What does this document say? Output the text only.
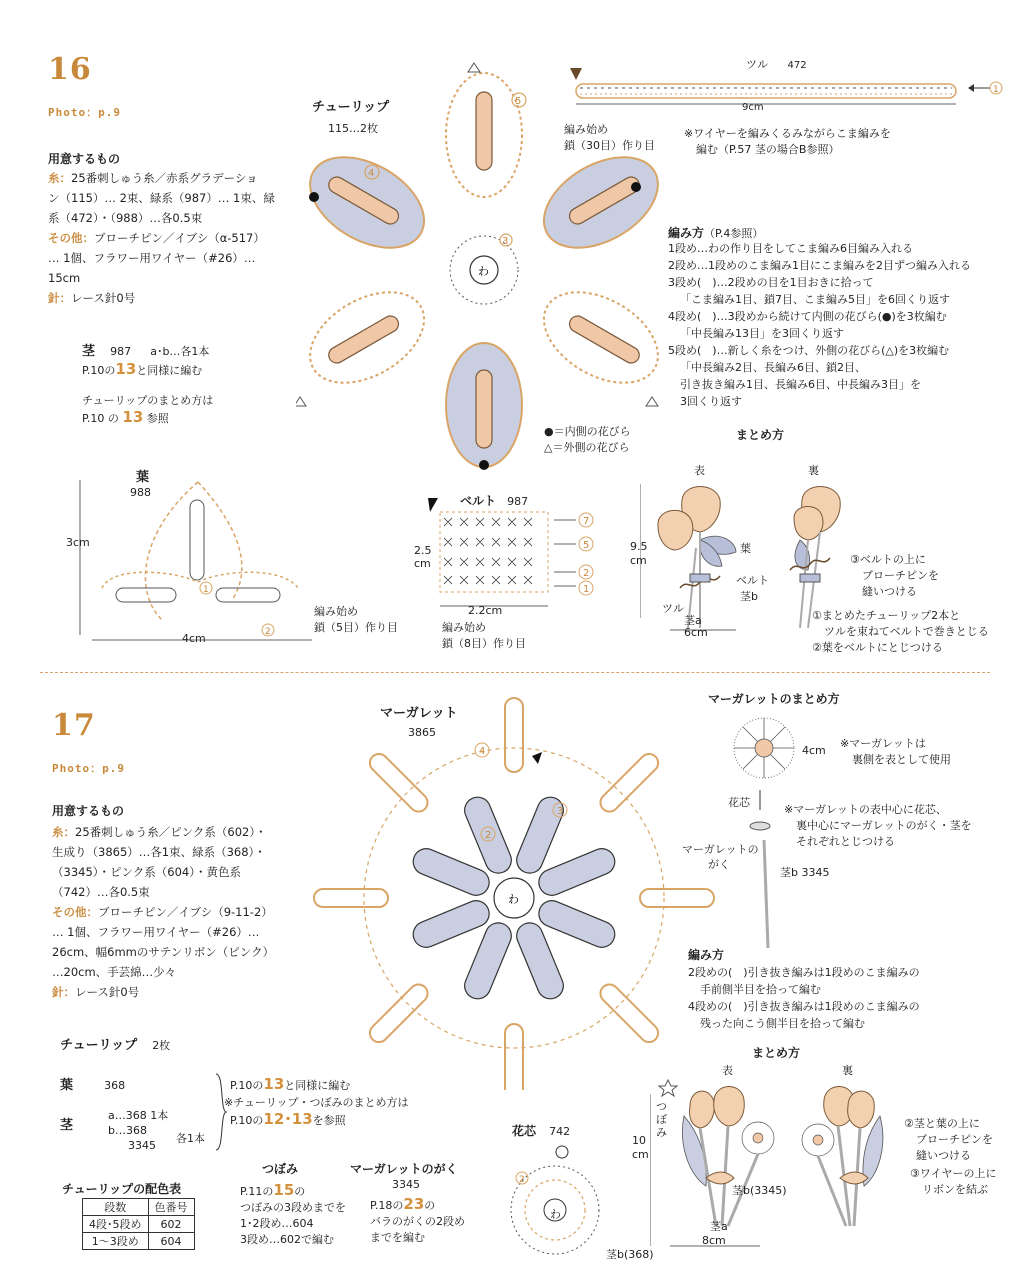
16
Photo：p.9
用意するもの
糸：25番刺しゅう糸／赤系グラデーショ
ン（115）… 2束、緑系（987）… 1束、緑
系（472）・（988）…各0.5束
その他：ブローチピン／イブシ（α-517）
… 1個、フラワー用ワイヤー（#26）…
15cm
針：レース針0号
茎 987 a･b…各1本
P.10の13と同様に編む
チューリップのまとめ方は
P.10 の 13 参照
チューリップ
115…2枚
わ
5
4
3
●＝内側の花びら
△＝外側の花びら
ツル 472
1
9cm
編み始め
鎖（30目）作り目
※ワイヤーを編みくるみながらこま編みを
編む（P.57 茎の場合B参照）
編み方（P.4参照）
1段め…わの作り目をしてこま編み6目編み入れる
2段め…1段めのこま編み1目にこま編みを2目ずつ編み入れる
3段め(　)…2段めの目を1目おきに拾って
「こま編み1目、鎖7目、こま編み5目」を6回くり返す
4段め(　)…3段めから続けて内側の花びら(●)を3枚編む
「中長編み13目」を3回くり返す
5段め(　)…新しく糸をつけ、外側の花びら(△)を3枚編む
「中長編み2目、長編み6目、鎖2目、
引き抜き編み1目、長編み6目、中長編み3目」を
3回くり返す
葉
988
3cm
4cm
1
2
編み始め
鎖（5目）作り目
ベルト 987
2.5
cm
7
5
2
1
2.2cm
編み始め
鎖（8目）作り目
まとめ方
表	裏
9.5
cm
葉
ベルト
ツル
茎b
茎a
6cm
③ベルトの上に
ブローチピンを
縫いつける
①まとめたチューリップ2本と
ツルを束ねてベルトで巻きとじる
②葉をベルトにとじつける
17
Photo：p.9
用意するもの
糸：25番刺しゅう糸／ピンク系（602）・
生成り（3865）…各1束、緑系（368）・
（3345）・ピンク系（604）・黄色系
（742）…各0.5束
その他：ブローチピン／イブシ（9-11-2）
… 1個、フラワー用ワイヤー（#26）…
26cm、幅6mmのサテンリボン（ピンク）
…20cm、手芸綿…少々
針：レース針0号
マーガレット
3865
わ
4
2
3
チューリップ 2枚
葉	368
茎
a…368 1本
b…368
3345
各1本
P.10の13と同様に編む
※チューリップ・つぼみのまとめ方は
P.10の12･13を参照
チューリップの配色表
段数	色番号
4段･5段め	602
1〜3段め	604
つぼみ
P.11の15の
つぼみの3段めまでを
1･2段め…604
3段め…602で編む
マーガレットのがく
3345
P.18の23の
バラのがくの2段め
までを編む
花芯 742
2
わ
マーガレットのまとめ方
4cm
※マーガレットは
裏側を表として使用
花芯
※マーガレットの表中心に花芯、
裏中心にマーガレットのがく・茎を
それぞれとじつける
マーガレットの
がく
茎b 3345
編み方
2段めの(　)引き抜き編みは1段めのこま編みの
手前側半目を拾って編む
4段めの(　)引き抜き編みは1段めのこま編みの
残った向こう側半目を拾って編む
まとめ方
表	裏
つぼみ
10
cm
茎b(3345)
茎a
8cm
茎b(368)
②茎と葉の上に
ブローチピンを
縫いつける
③ワイヤーの上に
リボンを結ぶ
